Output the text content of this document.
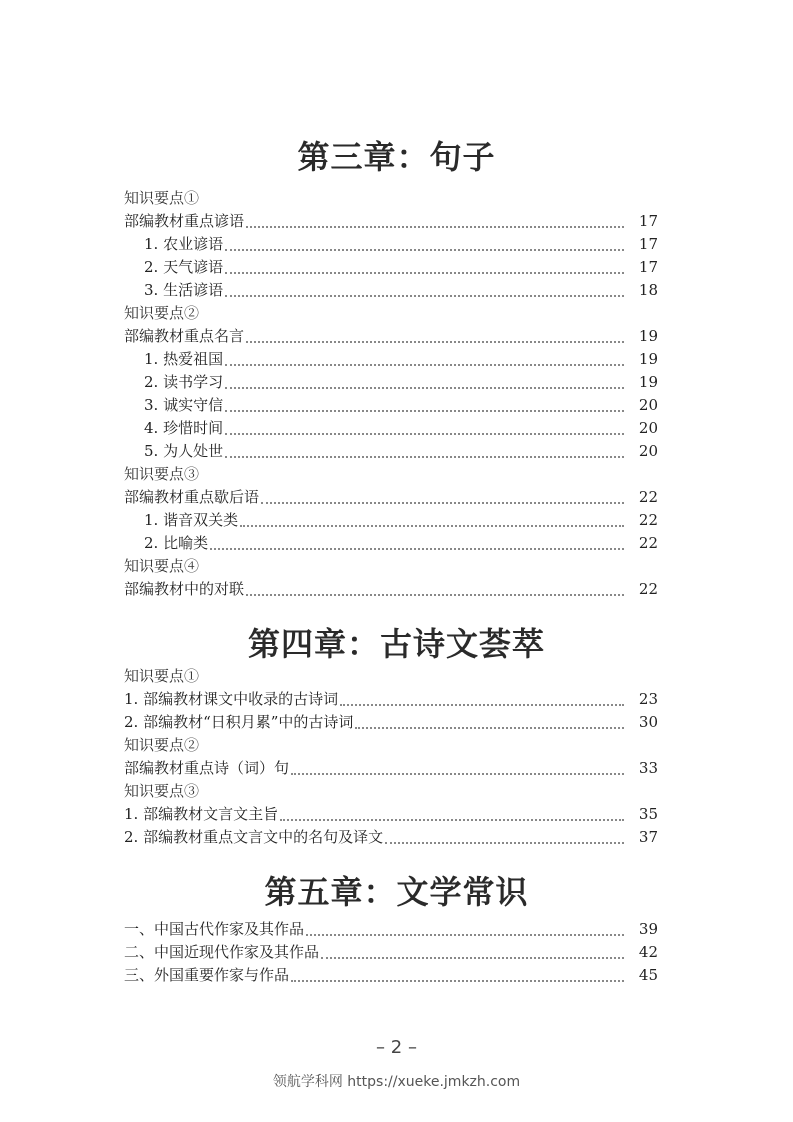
第三章：句子
知识要点①
部编教材重点谚语	17
1. 农业谚语	17
2. 天气谚语	17
3. 生活谚语	18
知识要点②
部编教材重点名言	19
1. 热爱祖国	19
2. 读书学习	19
3. 诚实守信	20
4. 珍惜时间	20
5. 为人处世	20
知识要点③
部编教材重点歇后语	22
1. 谐音双关类	22
2. 比喻类	22
知识要点④
部编教材中的对联	22
第四章：古诗文荟萃
知识要点①
1. 部编教材课文中收录的古诗词	23
2. 部编教材“日积月累”中的古诗词	30
知识要点②
部编教材重点诗（词）句	33
知识要点③
1. 部编教材文言文主旨	35
2. 部编教材重点文言文中的名句及译文	37
第五章：文学常识
一、中国古代作家及其作品	39
二、中国近现代作家及其作品	42
三、外国重要作家与作品	45
– 2 –
领航学科网 https://xueke.jmkzh.com
